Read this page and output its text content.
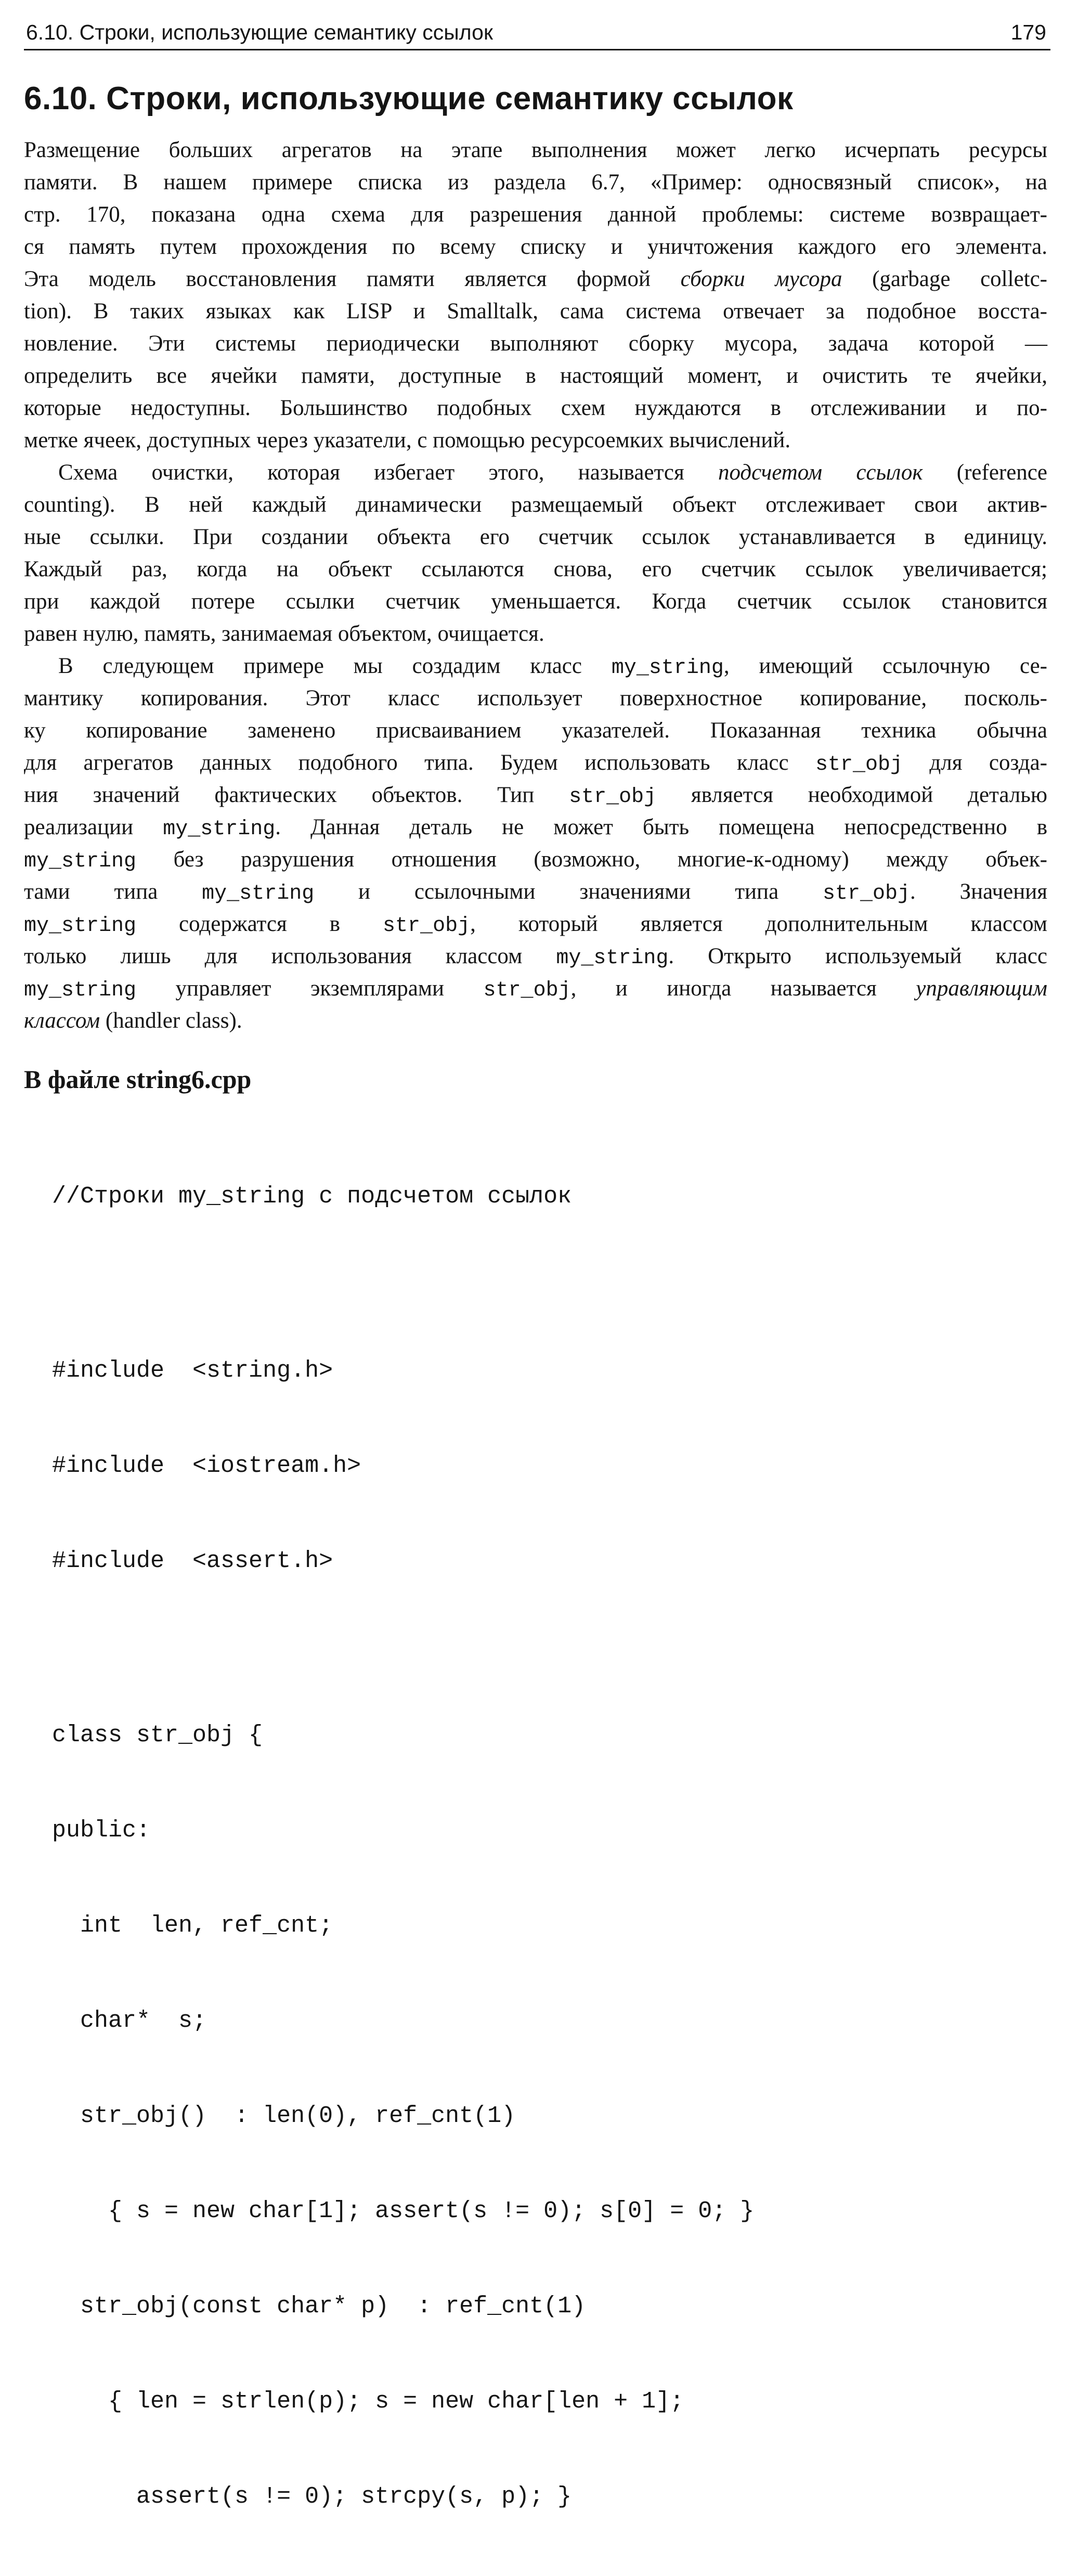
6.10. Строки, использующие семантику ссылок	179
6.10. Строки, использующие семантику ссылок
Размещение больших агрегатов на этапе выполнения может легко исчерпать ресурсы
памяти. В нашем примере списка из раздела 6.7, «Пример: односвязный список», на
стр. 170, показана одна схема для разрешения данной проблемы: системе возвращает-
ся память путем прохождения по всему списку и уничтожения каждого его элемента.
Эта модель восстановления памяти является формой сборки мусора (garbage colletc-
tion). В таких языках как LISP и Smalltalk, сама система отвечает за подобное восста-
новление. Эти системы периодически выполняют сборку мусора, задача которой —
определить все ячейки памяти, доступные в настоящий момент, и очистить те ячейки,
которые недоступны. Большинство подобных схем нуждаются в отслеживании и по-
метке ячеек, доступных через указатели, с помощью ресурсоемких вычислений.
Схема очистки, которая избегает этого, называется подсчетом ссылок (reference
counting). В ней каждый динамически размещаемый объект отслеживает свои актив-
ные ссылки. При создании объекта его счетчик ссылок устанавливается в единицу.
Каждый раз, когда на объект ссылаются снова, его счетчик ссылок увеличивается;
при каждой потере ссылки счетчик уменьшается. Когда счетчик ссылок становится
равен нулю, память, занимаемая объектом, очищается.
В следующем примере мы создадим класс my_string, имеющий ссылочную се-
мантику копирования. Этот класс использует поверхностное копирование, посколь-
ку копирование заменено присваиванием указателей. Показанная техника обычна
для агрегатов данных подобного типа. Будем использовать класс str_obj для созда-
ния значений фактических объектов. Тип str_obj является необходимой деталью
реализации my_string. Данная деталь не может быть помещена непосредственно в
my_string без разрушения отношения (возможно, многие-к-одному) между объек-
тами типа my_string и ссылочными значениями типа str_obj. Значения
my_string содержатся в str_obj, который является дополнительным классом
только лишь для использования классом my_string. Открыто используемый класс
my_string управляет экземплярами str_obj, и иногда называется управляющим
классом (handler class).
В файле string6.cpp

//Строки my_string с подсчетом ссылок

#include  <string.h>

#include  <iostream.h>

#include  <assert.h>

class str_obj {

public:

int  len, ref_cnt;

char*  s;

str_obj()  : len(0), ref_cnt(1)

{ s = new char[1]; assert(s != 0); s[0] = 0; }

str_obj(const char* p)  : ref_cnt(1)

{ len = strlen(p); s = new char[len + 1];

assert(s != 0); strcpy(s, p); }
